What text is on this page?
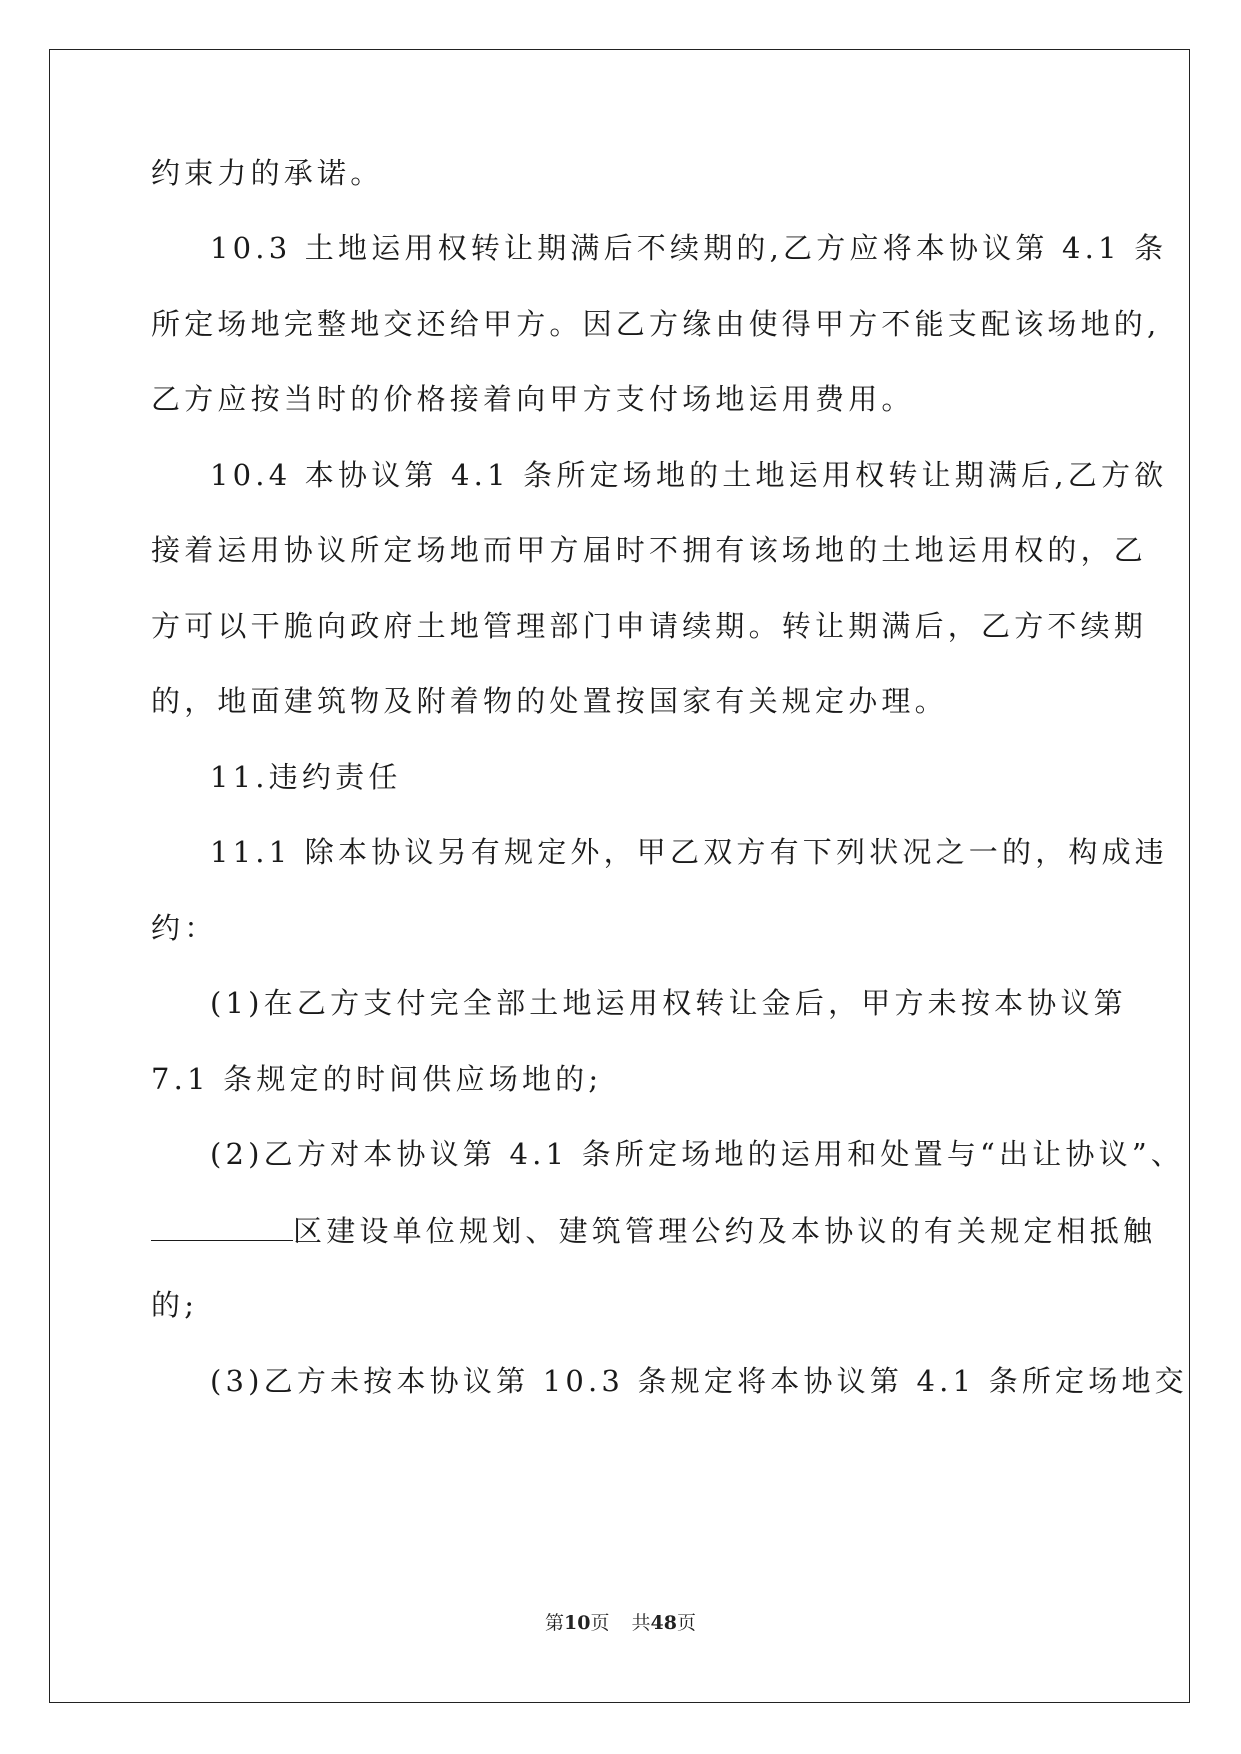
约束力的承诺。
10.3 土地运用权转让期满后不续期的,乙方应将本协议第 4.1 条
所定场地完整地交还给甲方。因乙方缘由使得甲方不能支配该场地的,
乙方应按当时的价格接着向甲方支付场地运用费用。
10.4 本协议第 4.1 条所定场地的土地运用权转让期满后,乙方欲
接着运用协议所定场地而甲方届时不拥有该场地的土地运用权的，乙
方可以干脆向政府土地管理部门申请续期。转让期满后，乙方不续期
的，地面建筑物及附着物的处置按国家有关规定办理。
11.违约责任
11.1 除本协议另有规定外，甲乙双方有下列状况之一的，构成违
约：
(1)在乙方支付完全部土地运用权转让金后，甲方未按本协议第
7.1 条规定的时间供应场地的;
(2)乙方对本协议第 4.1 条所定场地的运用和处置与“出让协议”、
区建设单位规划、建筑管理公约及本协议的有关规定相抵触
的;
(3)乙方未按本协议第 10.3 条规定将本协议第 4.1 条所定场地交
第10页 共48页
